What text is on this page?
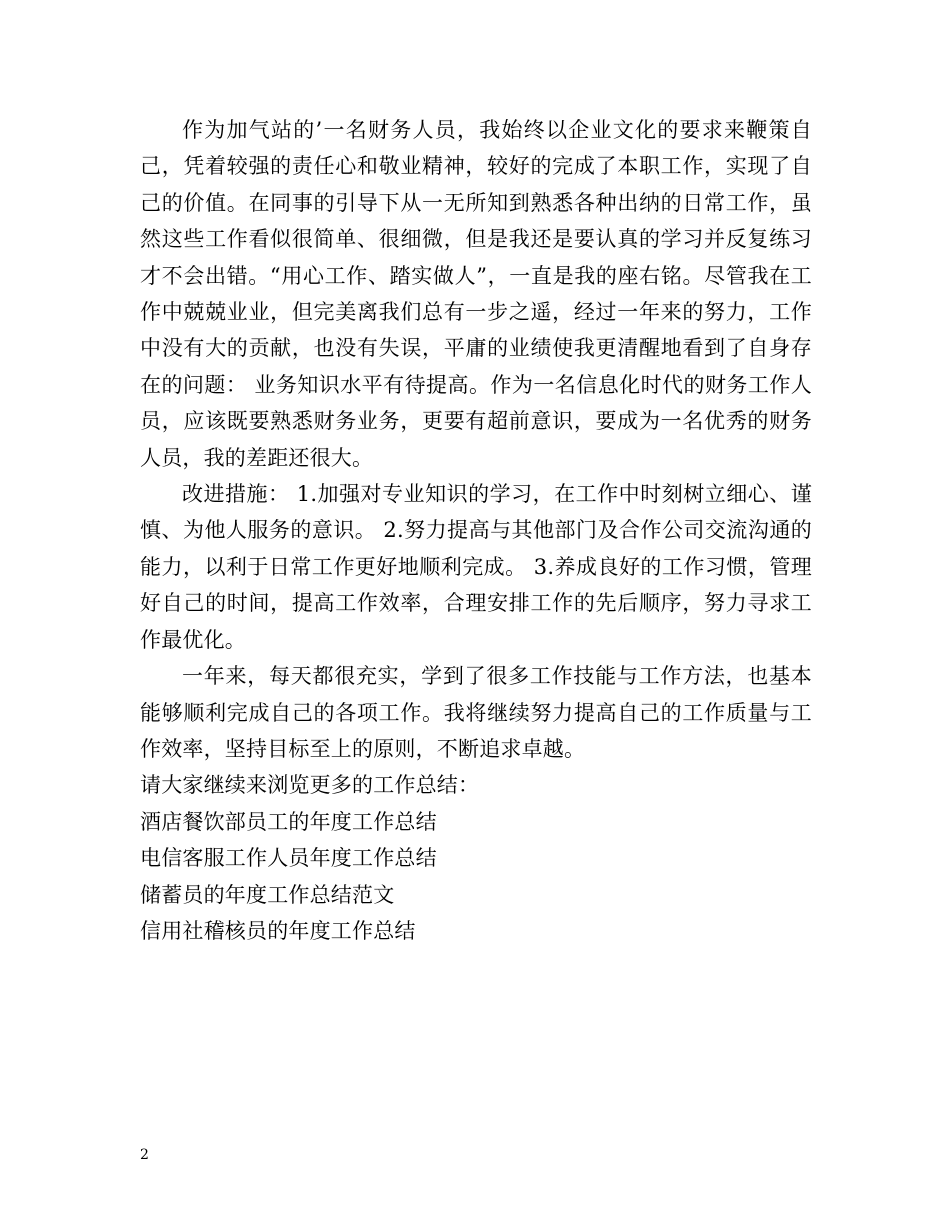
作为加气站的’一名财务人员，我始终以企业文化的要求来鞭策自己，凭着较强的责任心和敬业精神，较好的完成了本职工作，实现了自己的价值。在同事的引导下从一无所知到熟悉各种出纳的日常工作，虽然这些工作看似很简单、很细微，但是我还是要认真的学习并反复练习才不会出错。“用心工作、踏实做人”，一直是我的座右铭。尽管我在工作中兢兢业业，但完美离我们总有一步之遥，经过一年来的努力，工作中没有大的贡献，也没有失误，平庸的业绩使我更清醒地看到了自身存在的问题： 业务知识水平有待提高。作为一名信息化时代的财务工作人员，应该既要熟悉财务业务，更要有超前意识，要成为一名优秀的财务人员，我的差距还很大。

改进措施： 1.加强对专业知识的学习，在工作中时刻树立细心、谨慎、为他人服务的意识。 2.努力提高与其他部门及合作公司交流沟通的能力，以利于日常工作更好地顺利完成。 3.养成良好的工作习惯，管理好自己的时间，提高工作效率，合理安排工作的先后顺序，努力寻求工作最优化。

一年来，每天都很充实，学到了很多工作技能与工作方法，也基本能够顺利完成自己的各项工作。我将继续努力提高自己的工作质量与工作效率，坚持目标至上的原则，不断追求卓越。

请大家继续来浏览更多的工作总结：

酒店餐饮部员工的年度工作总结

电信客服工作人员年度工作总结

储蓄员的年度工作总结范文

信用社稽核员的年度工作总结

2
